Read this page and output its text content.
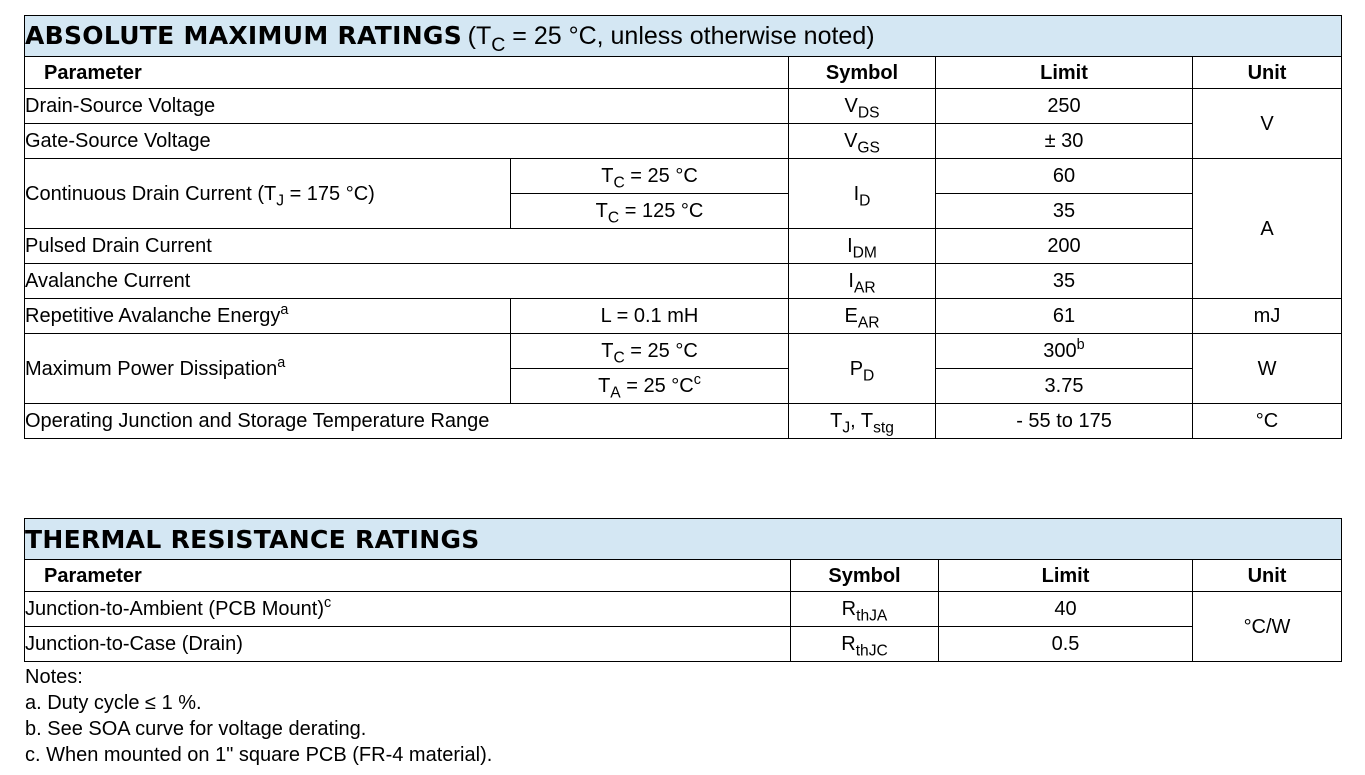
ABSOLUTE MAXIMUM RATINGS ($T_C = 25$ °C, unless otherwise noted)				
Parameter		Symbol	Limit	Unit
Drain-Source Voltage		$V_{DS}$	250	V
Gate-Source Voltage		$V_{GS}$	± 30	
Continuous Drain Current ($T_J = 175$ °C)	$T_C = 25$ °C	$I_D$	60	A
	$T_C = 125$ °C		35	
Pulsed Drain Current		$I_{DM}$	200	
Avalanche Current		$I_{AR}$	35	
Repetitive Avalanche Energy$^a$	L = 0.1 mH	$E_{AR}$	61	mJ
Maximum Power Dissipation$^a$	$T_C = 25$ °C	$P_D$	300$^b$	W
	$T_A = 25$ $^\circ C^c$		3.75	
Operating Junction and Storage Temperature Range		$T_J$, $T_{stg}$	- 55 to 175	°C
THERMAL RESISTANCE RATINGS			
Parameter	Symbol	Limit	Unit
Junction-to-Ambient (PCB Mount)$^c$	$R_{thJA}$	40	°C/W
Junction-to-Case (Drain)	$R_{thJC}$	0.5	
Notes:
a. Duty cycle ≤ 1 %.
b. See SOA curve for voltage derating.
c. When mounted on 1" square PCB (FR-4 material).
